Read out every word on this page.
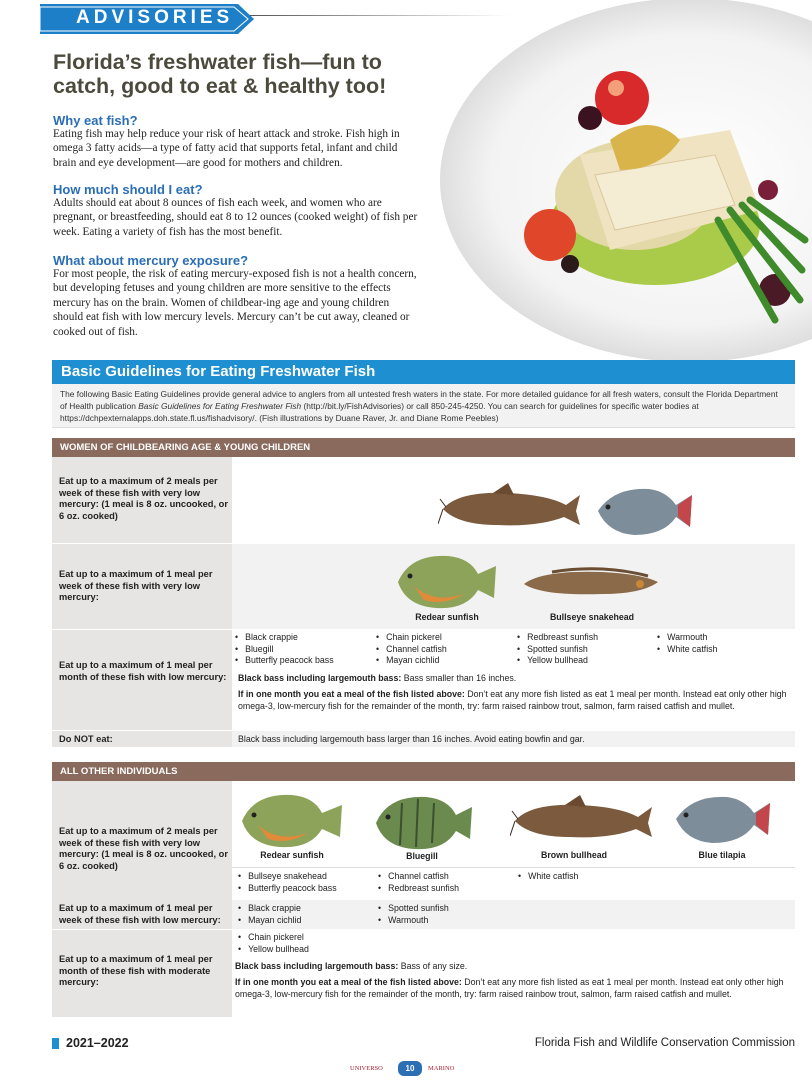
ADVISORIES
Florida’s freshwater fish—fun to catch, good to eat & healthy too!
Why eat fish?
Eating fish may help reduce your risk of heart attack and stroke. Fish high in omega 3 fatty acids—a type of fatty acid that supports fetal, infant and child brain and eye development—are good for mothers and children.
How much should I eat?
Adults should eat about 8 ounces of fish each week, and women who are pregnant, or breastfeeding, should eat 8 to 12 ounces (cooked weight) of fish per week. Eating a variety of fish has the most benefit.
What about mercury exposure?
For most people, the risk of eating mercury-exposed fish is not a health concern, but developing fetuses and young children are more sensitive to the effects mercury has on the brain. Women of childbear-ing age and young children should eat fish with low mercury levels. Mercury can’t be cut away, cleaned or cooked out of fish.
Basic Guidelines for Eating Freshwater Fish
The following Basic Eating Guidelines provide general advice to anglers from all untested fresh waters in the state. For more detailed guidance for all fresh waters, consult the Florida Department of Health publication Basic Guidelines for Eating Freshwater Fish (http://bit.ly/FishAdvisories) or call 850-245-4250. You can search for guidelines for specific water bodies at https://dchpexternalapps.doh.state.fl.us/fishadvisory/. (Fish illustrations by Duane Raver, Jr. and Diane Rome Peebles)
WOMEN OF CHILDBEARING AGE & YOUNG CHILDREN
Eat up to a maximum of 2 meals per week of these fish with very low mercury: (1 meal is 8 oz. uncooked, or 6 oz. cooked)
Eat up to a maximum of 1 meal per week of these fish with very low mercury:
Redear sunfish	Bullseye snakehead
Eat up to a maximum of 1 meal per month of these fish with low mercury:
• Black crappie
• Bluegill
• Butterfly peacock bass
• Chain pickerel
• Channel catfish
• Mayan cichlid
• Redbreast sunfish
• Spotted sunfish
• Yellow bullhead
• Warmouth
• White catfish
Black bass including largemouth bass: Bass smaller than 16 inches.
If in one month you eat a meal of the fish listed above: Don’t eat any more fish listed as eat 1 meal per month. Instead eat only other high omega-3, low-mercury fish for the remainder of the month, try: farm raised rainbow trout, salmon, farm raised catfish and mullet.
Do NOT eat:	Black bass including largemouth bass larger than 16 inches. Avoid eating bowfin and gar.
ALL OTHER INDIVIDUALS
Eat up to a maximum of 2 meals per week of these fish with very low mercury: (1 meal is 8 oz. uncooked, or 6 oz. cooked)
Redear sunfish	Bluegill	Brown bullhead	Blue tilapia
• Bullseye snakehead
• Butterfly peacock bass
• Channel catfish
• Redbreast sunfish
• White catfish
Eat up to a maximum of 1 meal per week of these fish with low mercury:
• Black crappie
• Mayan cichlid
• Spotted sunfish
• Warmouth
Eat up to a maximum of 1 meal per month of these fish with moderate mercury:
• Chain pickerel
• Yellow bullhead
Black bass including largemouth bass: Bass of any size.
If in one month you eat a meal of the fish listed above: Don’t eat any more fish listed as eat 1 meal per month. Instead eat only other high omega-3, low-mercury fish for the remainder of the month, try: farm raised rainbow trout, salmon, farm raised catfish and mullet.
2021–2022	Florida Fish and Wildlife Conservation Commission
UNIVERSO	10	MARINO
